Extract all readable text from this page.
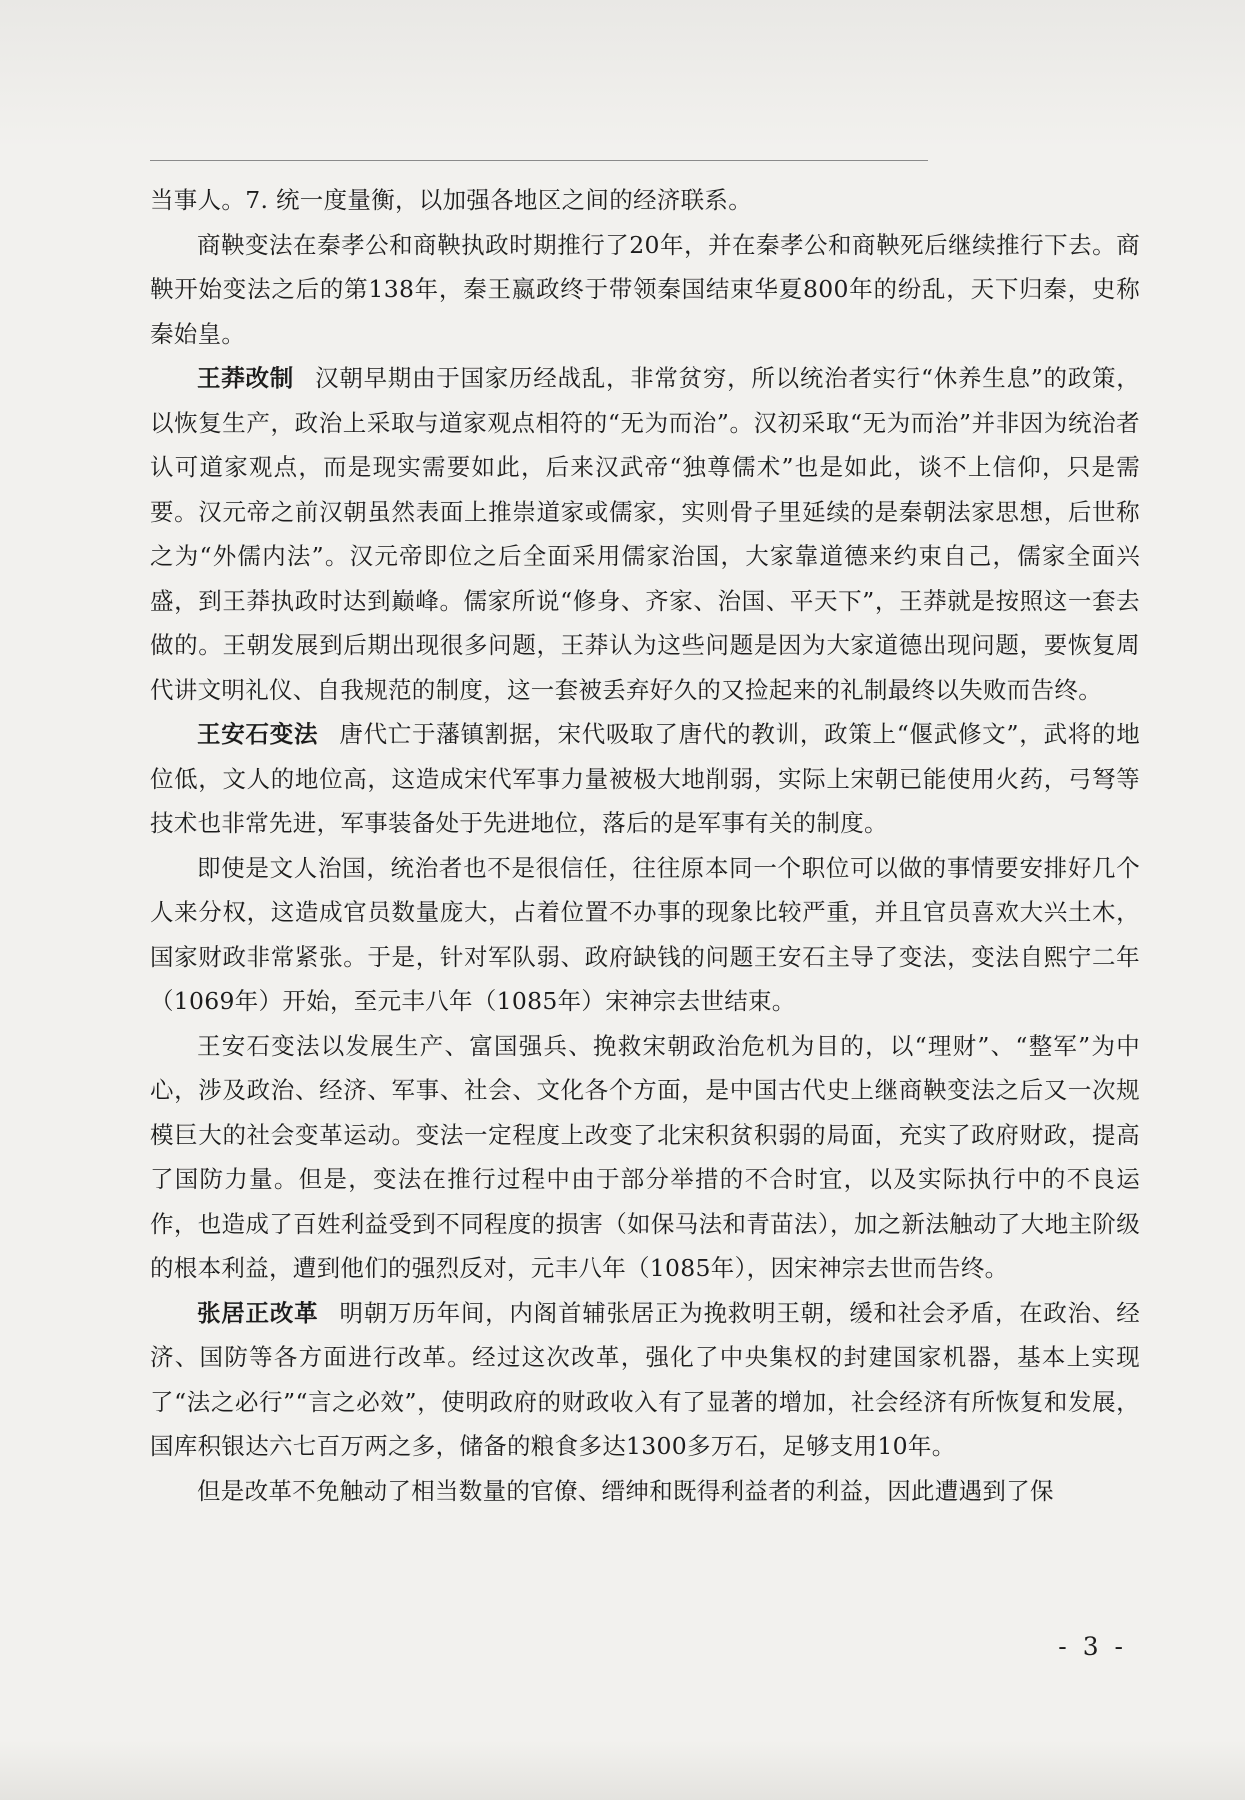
当事人。7. 统一度量衡，以加强各地区之间的经济联系。

商鞅变法在秦孝公和商鞅执政时期推行了20年，并在秦孝公和商鞅死后继续推行下去。商鞅开始变法之后的第138年，秦王嬴政终于带领秦国结束华夏800年的纷乱，天下归秦，史称秦始皇。

王莽改制 汉朝早期由于国家历经战乱，非常贫穷，所以统治者实行“休养生息”的政策，以恢复生产，政治上采取与道家观点相符的“无为而治”。汉初采取“无为而治”并非因为统治者认可道家观点，而是现实需要如此，后来汉武帝“独尊儒术”也是如此，谈不上信仰，只是需要。汉元帝之前汉朝虽然表面上推崇道家或儒家，实则骨子里延续的是秦朝法家思想，后世称之为“外儒内法”。汉元帝即位之后全面采用儒家治国，大家靠道德来约束自己，儒家全面兴盛，到王莽执政时达到巅峰。儒家所说“修身、齐家、治国、平天下”，王莽就是按照这一套去做的。王朝发展到后期出现很多问题，王莽认为这些问题是因为大家道德出现问题，要恢复周代讲文明礼仪、自我规范的制度，这一套被丢弃好久的又捡起来的礼制最终以失败而告终。

王安石变法 唐代亡于藩镇割据，宋代吸取了唐代的教训，政策上“偃武修文”，武将的地位低，文人的地位高，这造成宋代军事力量被极大地削弱，实际上宋朝已能使用火药，弓弩等技术也非常先进，军事装备处于先进地位，落后的是军事有关的制度。

即使是文人治国，统治者也不是很信任，往往原本同一个职位可以做的事情要安排好几个人来分权，这造成官员数量庞大，占着位置不办事的现象比较严重，并且官员喜欢大兴土木，国家财政非常紧张。于是，针对军队弱、政府缺钱的问题王安石主导了变法，变法自熙宁二年（1069年）开始，至元丰八年（1085年）宋神宗去世结束。

王安石变法以发展生产、富国强兵、挽救宋朝政治危机为目的，以“理财”、“整军”为中心，涉及政治、经济、军事、社会、文化各个方面，是中国古代史上继商鞅变法之后又一次规模巨大的社会变革运动。变法一定程度上改变了北宋积贫积弱的局面，充实了政府财政，提高了国防力量。但是，变法在推行过程中由于部分举措的不合时宜，以及实际执行中的不良运作，也造成了百姓利益受到不同程度的损害（如保马法和青苗法），加之新法触动了大地主阶级的根本利益，遭到他们的强烈反对，元丰八年（1085年），因宋神宗去世而告终。

张居正改革 明朝万历年间，内阁首辅张居正为挽救明王朝，缓和社会矛盾，在政治、经济、国防等各方面进行改革。经过这次改革，强化了中央集权的封建国家机器，基本上实现了“法之必行”“言之必效”，使明政府的财政收入有了显著的增加，社会经济有所恢复和发展，国库积银达六七百万两之多，储备的粮食多达1300多万石，足够支用10年。

但是改革不免触动了相当数量的官僚、缙绅和既得利益者的利益，因此遭遇到了保

- 3 -
